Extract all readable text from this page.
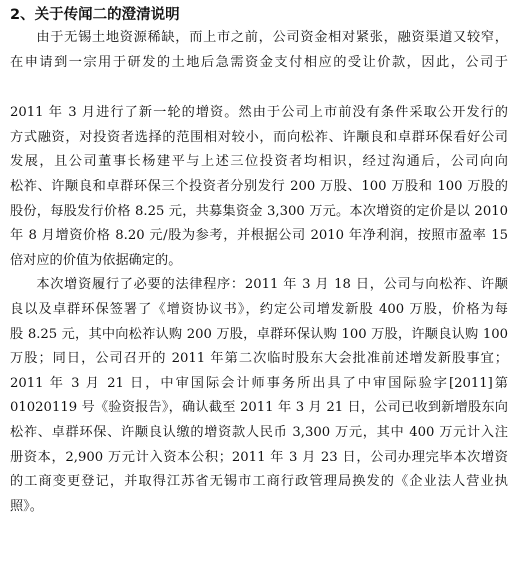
2、关于传闻二的澄清说明
由于无锡土地资源稀缺，而上市之前，公司资金相对紧张，融资渠道又较窄，
在申请到一宗用于研发的土地后急需资金支付相应的受让价款，因此，公司于
2011 年 3 月进行了新一轮的增资。然由于公司上市前没有条件采取公开发行的
方式融资，对投资者选择的范围相对较小，而向松祚、许颙良和卓群环保看好公司
发展，且公司董事长杨建平与上述三位投资者均相识，经过沟通后，公司向向
松祚、许颙良和卓群环保三个投资者分别发行 200 万股、100 万股和 100 万股的
股份，每股发行价格 8.25 元，共募集资金 3,300 万元。本次增资的定价是以 2010
年 8 月增资价格 8.20 元/股为参考，并根据公司 2010 年净利润，按照市盈率 15
倍对应的价值为依据确定的。
本次增资履行了必要的法律程序：2011 年 3 月 18 日，公司与向松祚、许颙
良以及卓群环保签署了《增资协议书》，约定公司增发新股 400 万股，价格为每
股 8.25 元，其中向松祚认购 200 万股，卓群环保认购 100 万股，许颙良认购 100
万股；同日，公司召开的 2011 年第二次临时股东大会批准前述增发新股事宜；
2011 年 3 月 21 日，中审国际会计师事务所出具了中审国际验字[2011]第
01020119 号《验资报告》，确认截至 2011 年 3 月 21 日，公司已收到新增股东向
松祚、卓群环保、许颙良认缴的增资款人民币 3,300 万元，其中 400 万元计入注
册资本，2,900 万元计入资本公积；2011 年 3 月 23 日，公司办理完毕本次增资
的工商变更登记，并取得江苏省无锡市工商行政管理局换发的《企业法人营业执
照》。
